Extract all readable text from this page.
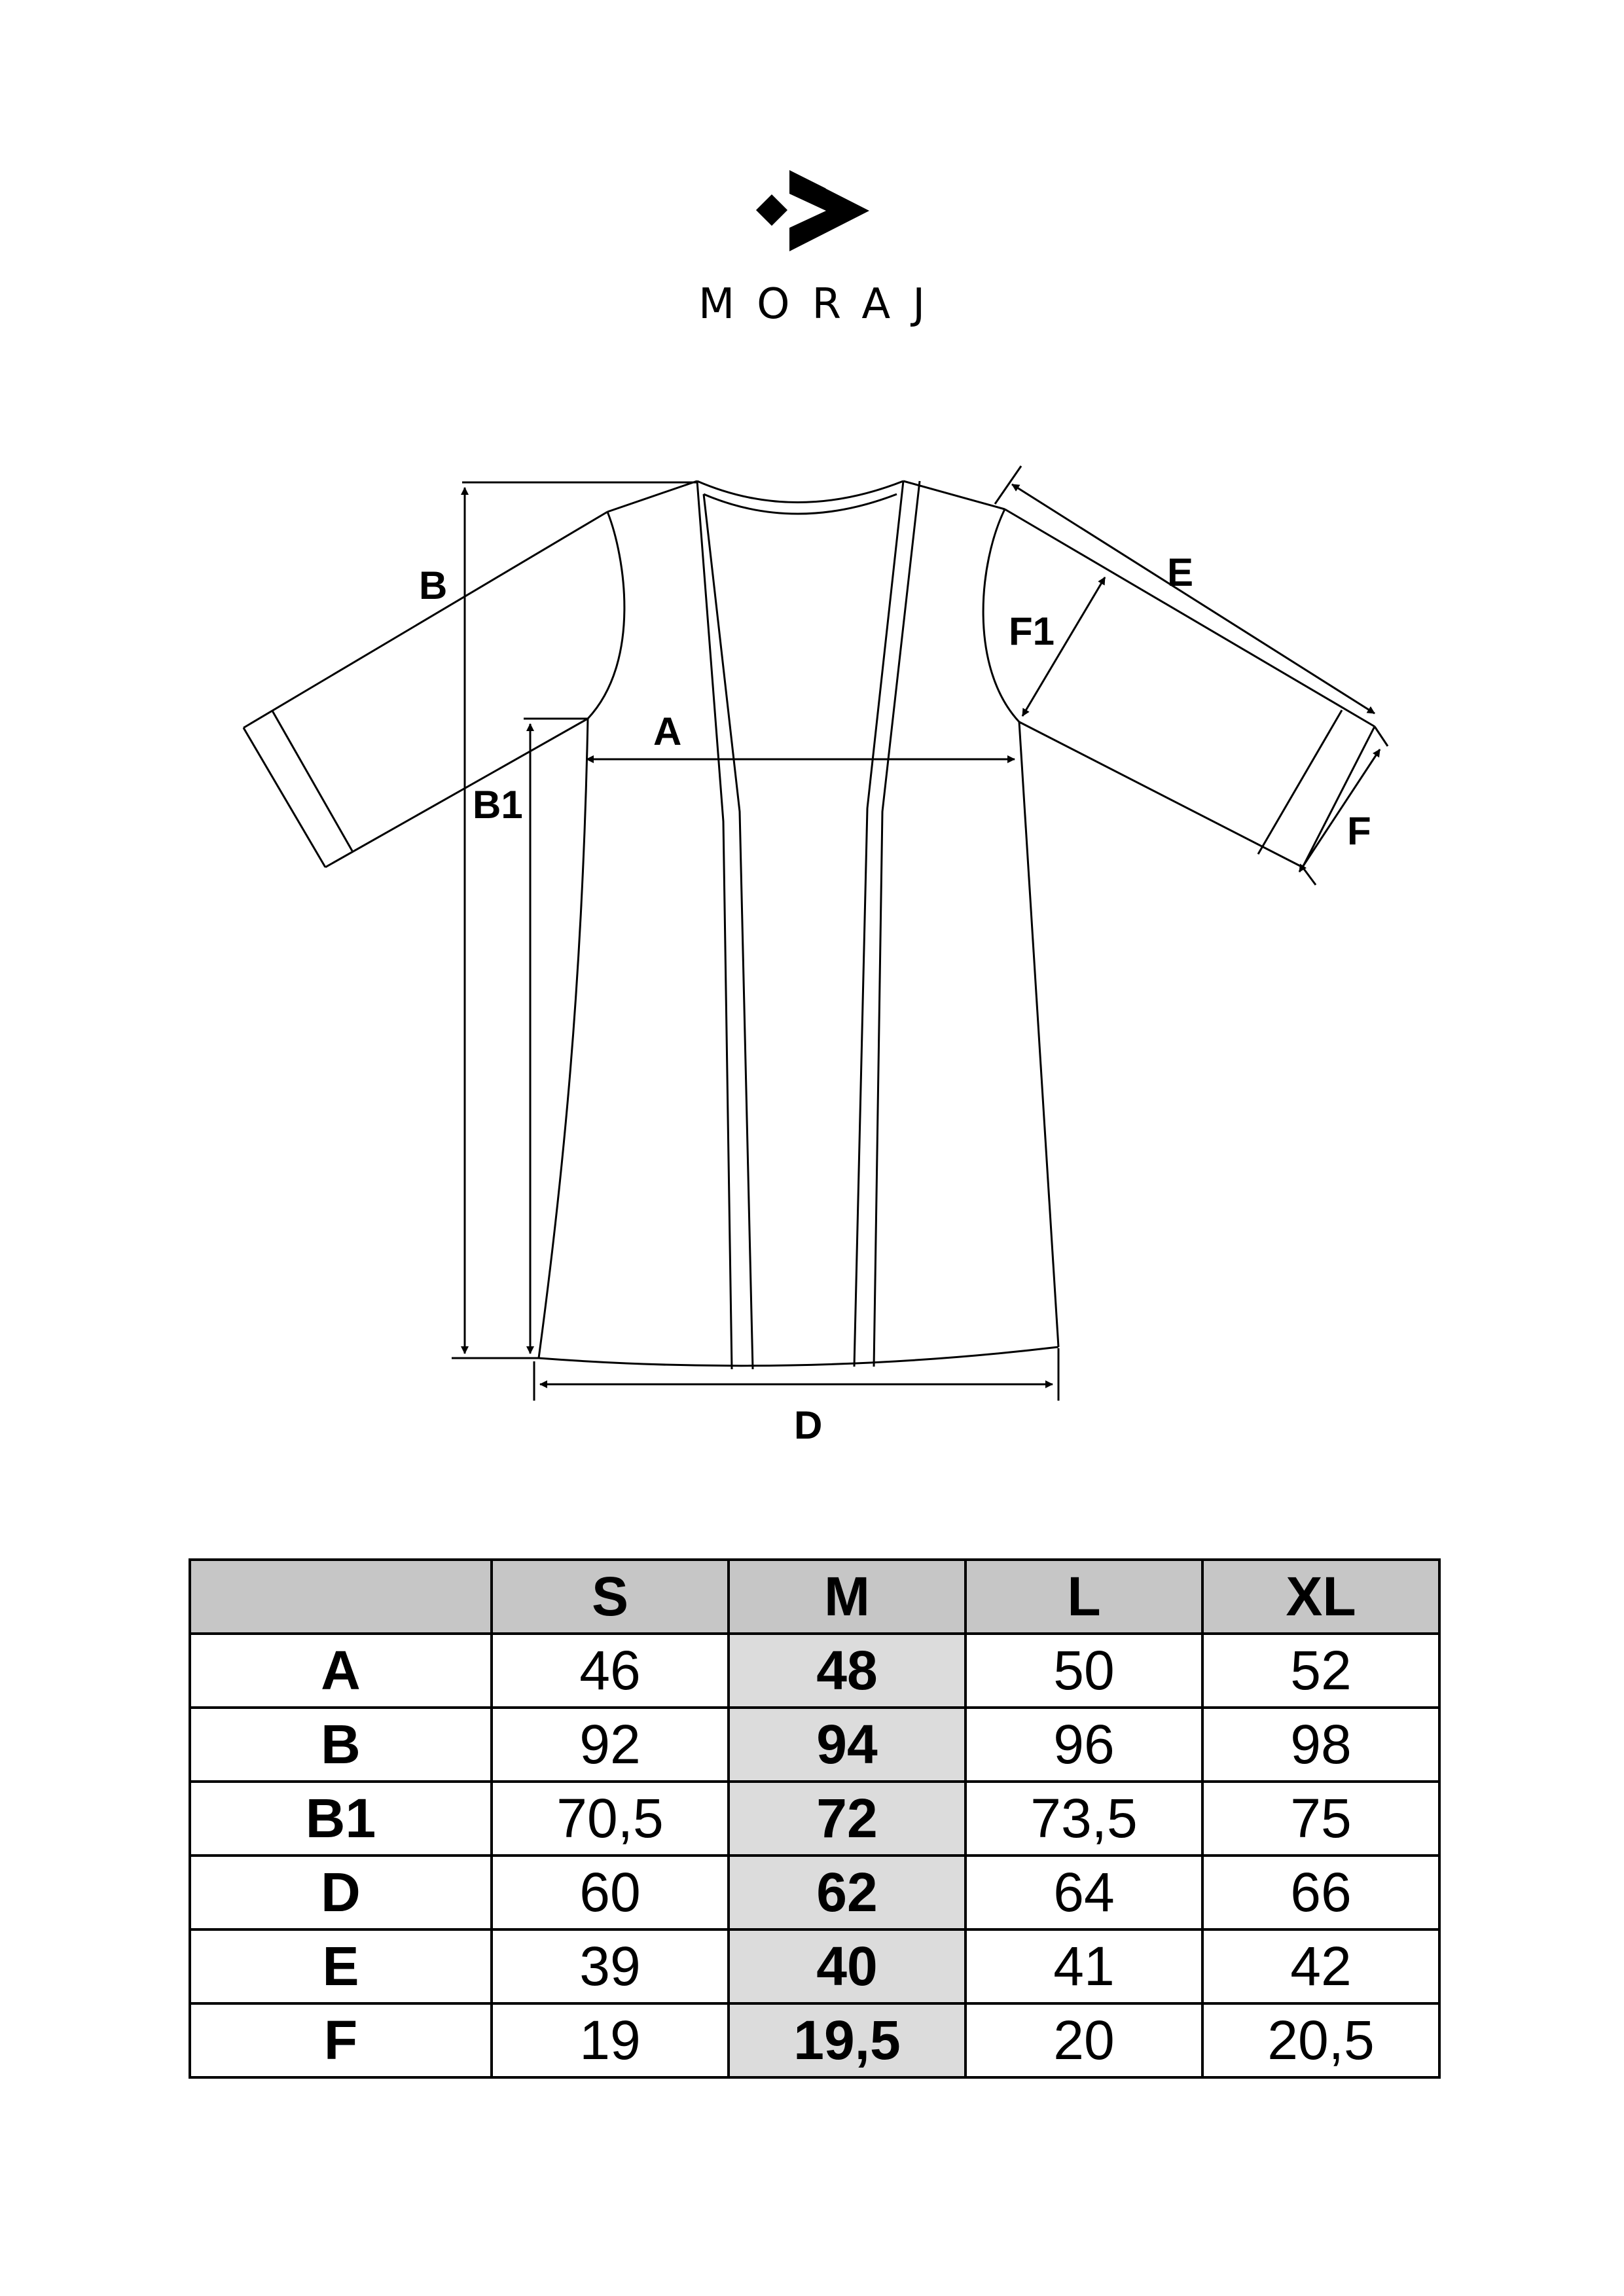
MORAJ
B
B1
A
D
E
F1
F
	S	M	L	XL
A	46	48	50	52
B	92	94	96	98
B1	70,5	72	73,5	75
D	60	62	64	66
E	39	40	41	42
F	19	19,5	20	20,5
